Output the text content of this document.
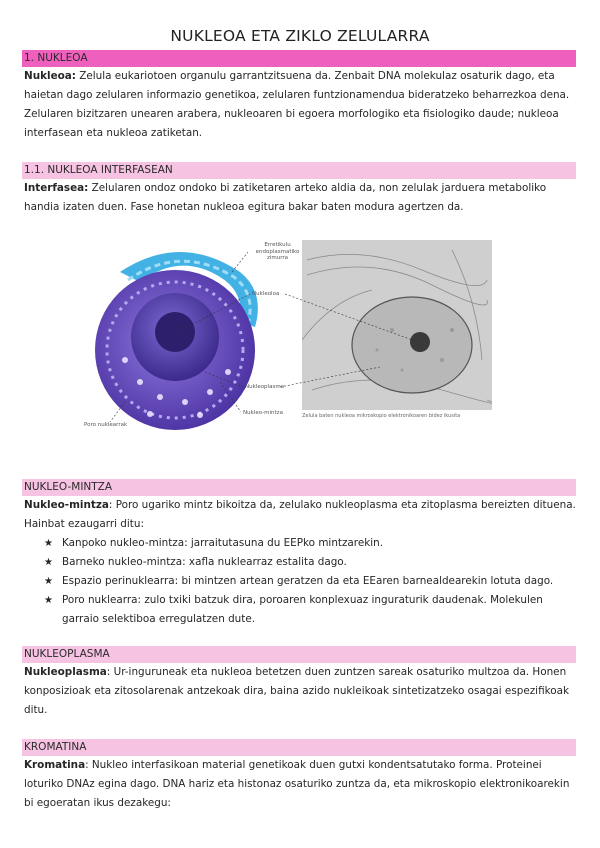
NUKLEOA ETA ZIKLO ZELULARRA
1. NUKLEOA
Nukleoa: Zelula eukariotoen organulu garrantzitsuena da. Zenbait DNA molekulaz osaturik dago, eta haietan dago zelularen informazio genetikoa, zelularen funtzionamendua bideratzeko beharrezkoa dena. Zelularen bizitzaren unearen arabera, nukleoaren bi egoera morfologiko eta fisiologiko daude; nukleoa interfasean eta nukleoa zatiketan.
1.1. NUKLEOA INTERFASEAN
Interfasea: Zelularen ondoz ondoko bi zatiketaren arteko aldia da, non zelulak jarduera metaboliko handia izaten duen. Fase honetan nukleoa egitura bakar baten modura agertzen da.
Erretikulu endoplasmatiko zimurra
Nukleoloa
Nukleoplasma
Nukleo-mintza
Poro nuklearrak
Zelula baten nukleoa mikroskopio elektronikoaren bidez ikusita
NUKLEO-MINTZA
Nukleo-mintza: Poro ugariko mintz bikoitza da, zelulako nukleoplasma eta zitoplasma bereizten dituena. Hainbat ezaugarri ditu:
★ Kanpoko nukleo-mintza: jarraitutasuna du EEPko mintzarekin.
★ Barneko nukleo-mintza: xafla nuklearraz estalita dago.
★ Espazio perinuklearra: bi mintzen artean geratzen da eta EEaren barnealdearekin lotuta dago.
★ Poro nuklearra: zulo txiki batzuk dira, poroaren konplexuaz inguraturik daudenak. Molekulen garraio selektiboa erregulatzen dute.
NUKLEOPLASMA
Nukleoplasma: Ur-inguruneak eta nukleoa betetzen duen zuntzen sareak osaturiko multzoa da. Honen konposizioak eta zitosolarenak antzekoak dira, baina azido nukleikoak sintetizatzeko osagai espezifikoak ditu.
KROMATINA
Kromatina: Nukleo interfasikoan material genetikoak duen gutxi kondentsatutako forma. Proteinei loturiko DNAz egina dago. DNA hariz eta histonaz osaturiko zuntza da, eta mikroskopio elektronikoarekin bi egoeratan ikus dezakegu:
